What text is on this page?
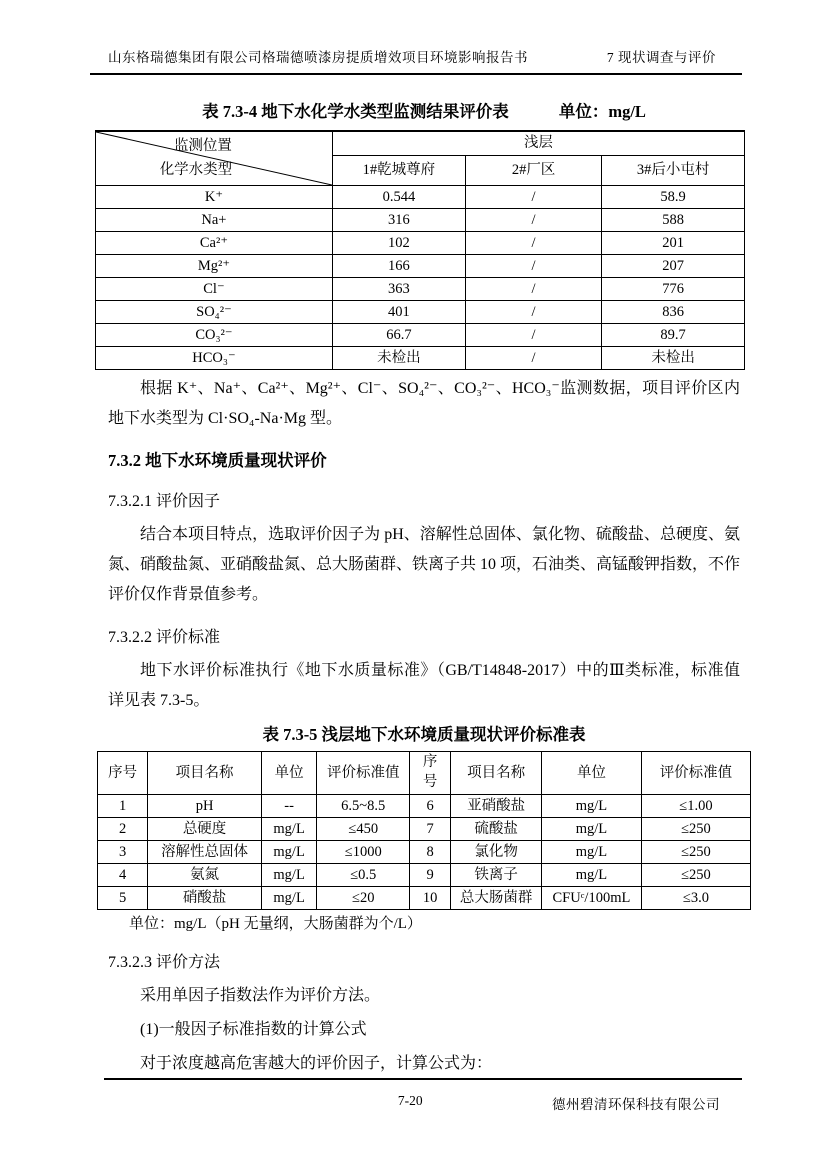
山东格瑞德集团有限公司格瑞德喷漆房提质增效项目环境影响报告书	7 现状调查与评价
表 7.3-4 地下水化学水类型监测结果评价表	单位：mg/L
监测位置
化学水类型	浅层		
	1#乾城尊府	2#厂区	3#后小屯村
K⁺	0.544	/	58.9
Na+	316	/	588
Ca²⁺	102	/	201
Mg²⁺	166	/	207
Cl⁻	363	/	776
SO₄²⁻	401	/	836
CO₃²⁻	66.7	/	89.7
HCO₃⁻	未检出	/	未检出

根据 K⁺、Na⁺、Ca²⁺、Mg²⁺、Cl⁻、SO₄²⁻、CO₃²⁻、HCO₃⁻监测数据，项目评价区内地下水类型为 Cl·SO₄-Na·Mg 型。

7.3.2 地下水环境质量现状评价

7.3.2.1 评价因子

结合本项目特点，选取评价因子为 pH、溶解性总固体、氯化物、硫酸盐、总硬度、氨氮、硝酸盐氮、亚硝酸盐氮、总大肠菌群、铁离子共 10 项，石油类、高锰酸钾指数，不作评价仅作背景值参考。

7.3.2.2 评价标准

地下水评价标准执行《地下水质量标准》（GB/T14848-2017）中的Ⅲ类标准，标准值详见表 7.3-5。

表 7.3-5 浅层地下水环境质量现状评价标准表
序号	项目名称	单位	评价标准值	序号	项目名称	单位	评价标准值
1	pH	--	6.5~8.5	6	亚硝酸盐	mg/L	≤1.00
2	总硬度	mg/L	≤450	7	硫酸盐	mg/L	≤250
3	溶解性总固体	mg/L	≤1000	8	氯化物	mg/L	≤250
4	氨氮	mg/L	≤0.5	9	铁离子	mg/L	≤250
5	硝酸盐	mg/L	≤20	10	总大肠菌群	CFUᶜ/100mL	≤3.0

单位：mg/L（pH 无量纲，大肠菌群为个/L）

7.3.2.3 评价方法

采用单因子指数法作为评价方法。

(1)一般因子标准指数的计算公式

对于浓度越高危害越大的评价因子，计算公式为：

7-20	德州碧清环保科技有限公司
